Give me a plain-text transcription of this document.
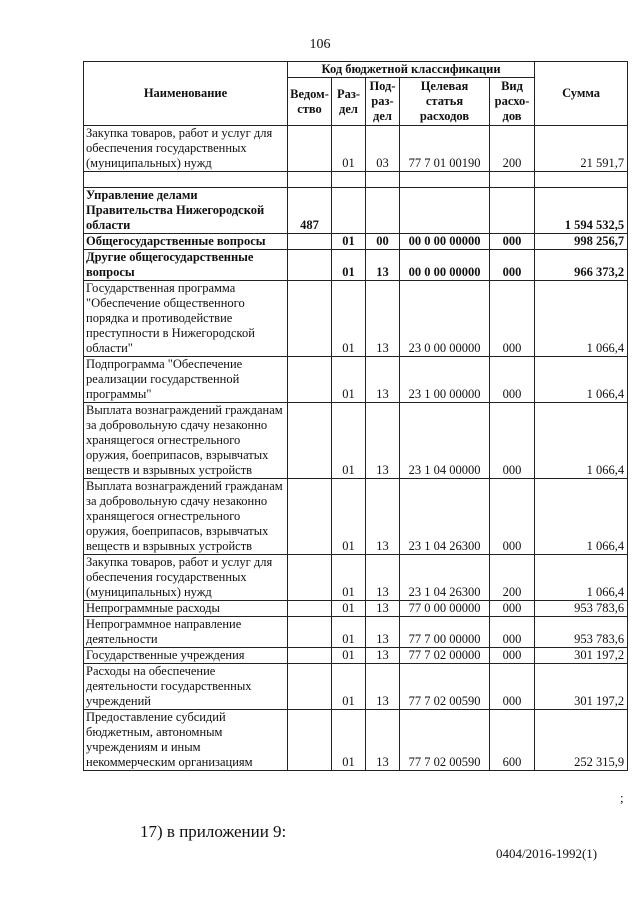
106
Наименование	Код бюджетной классификации					Сумма
	Ведом-ство	Раз-дел	Под-раз-дел	Целевая статья расходов	Вид расхо-дов	
Закупка товаров, работ и услуг для обеспечения государственных (муниципальных) нужд		01	03	77 7 01 00190	200	21 591,7

Управление делами Правительства Нижегородской области	487					1 594 532,5
Общегосударственные вопросы		01	00	00 0 00 00000	000	998 256,7
Другие общегосударственные вопросы		01	13	00 0 00 00000	000	966 373,2
Государственная программа "Обеспечение общественного порядка и противодействие преступности в Нижегородской области"		01	13	23 0 00 00000	000	1 066,4
Подпрограмма "Обеспечение реализации государственной программы"		01	13	23 1 00 00000	000	1 066,4
Выплата вознаграждений гражданам за добровольную сдачу незаконно хранящегося огнестрельного оружия, боеприпасов, взрывчатых веществ и взрывных устройств		01	13	23 1 04 00000	000	1 066,4
Выплата вознаграждений гражданам за добровольную сдачу незаконно хранящегося огнестрельного оружия, боеприпасов, взрывчатых веществ и взрывных устройств		01	13	23 1 04 26300	000	1 066,4
Закупка товаров, работ и услуг для обеспечения государственных (муниципальных) нужд		01	13	23 1 04 26300	200	1 066,4
Непрограммные расходы		01	13	77 0 00 00000	000	953 783,6
Непрограммное направление деятельности		01	13	77 7 00 00000	000	953 783,6
Государственные учреждения		01	13	77 7 02 00000	000	301 197,2
Расходы на обеспечение деятельности государственных учреждений		01	13	77 7 02 00590	000	301 197,2
Предоставление субсидий бюджетным, автономным учреждениям и иным некоммерческим организациям		01	13	77 7 02 00590	600	252 315,9
;
17) в приложении 9:
0404/2016-1992(1)
